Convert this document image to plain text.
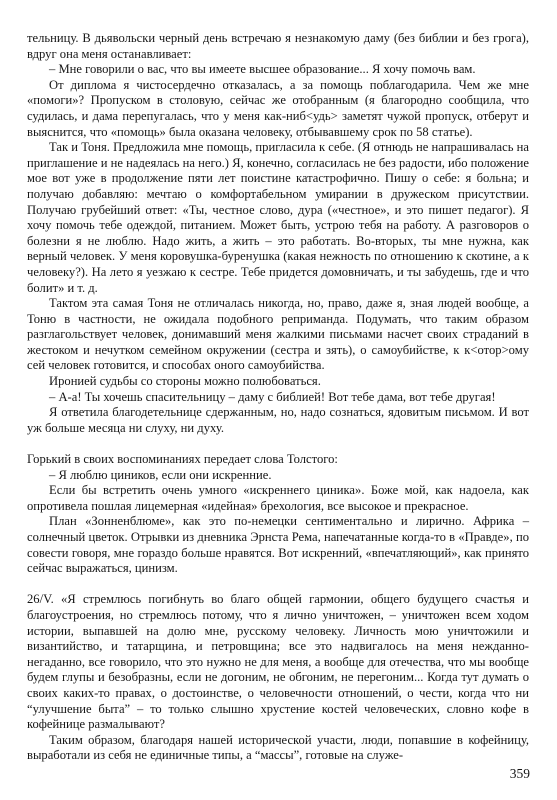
тельницу. В дьявольски черный день встречаю я незнакомую даму (без библии и без грога), вдруг она меня останавливает:

– Мне говорили о вас, что вы имеете высшее образование... Я хочу помочь вам.

От диплома я чистосердечно отказалась, а за помощь поблагодарила. Чем же мне «помоги»? Пропуском в столовую, сейчас же отобранным (я благородно сообщила, что судилась, и дама перепугалась, что у меня как-ниб<удь> заметят чужой пропуск, отберут и выяснится, что «помощь» была оказана человеку, отбывавшему срок по 58 статье).

Так и Тоня. Предложила мне помощь, пригласила к себе. (Я отнюдь не напрашивалась на приглашение и не надеялась на него.) Я, конечно, согласилась не без радости, ибо положение мое вот уже в продолжение пяти лет поистине катастрофично. Пишу о себе: я больна; и получаю добавляю: мечтаю о комфортабельном умирании в дружеском присутствии. Получаю грубейший ответ: «Ты, честное слово, дура («честное», и это пишет педагог). Я хочу помочь тебе одеждой, питанием. Может быть, устрою тебя на работу. А разговоров о болезни я не люблю. Надо жить, а жить – это работать. Во-вторых, ты мне нужна, как верный человек. У меня коровушка-буренушка (какая нежность по отношению к скотине, а к человеку?). На лето я уезжаю к сестре. Тебе придется домовничать, и ты забудешь, где и что болит» и т. д.

Тактом эта самая Тоня не отличалась никогда, но, право, даже я, зная людей вообще, а Тоню в частности, не ожидала подобного реприманда. Подумать, что таким образом разглагольствует человек, донимавший меня жалкими письмами насчет своих страданий в жестоком и нечутком семейном окружении (сестра и зять), о самоубийстве, к к<отор>ому сей человек готовится, и способах оного самоубийства.

Иронией судьбы со стороны можно полюбоваться.

– А-а! Ты хочешь спасительницу – даму с библией! Вот тебе дама, вот тебе другая!

Я ответила благодетельнице сдержанным, но, надо сознаться, ядовитым письмом. И вот уж больше месяца ни слуху, ни духу.

Горький в своих воспоминаниях передает слова Толстого:

– Я люблю циников, если они искренние.

Если бы встретить очень умного «искреннего циника». Боже мой, как надоела, как опротивела пошлая лицемерная «идейная» брехология, все высокое и прекрасное.

План «Зонненблюме», как это по-немецки сентиментально и лирично. Африка – солнечный цветок. Отрывки из дневника Эрнста Рема, напечатанные когда-то в «Правде», по совести говоря, мне гораздо больше нравятся. Вот искренний, «впечатляющий», как принято сейчас выражаться, цинизм.

26/V. «Я стремлюсь погибнуть во благо общей гармонии, общего будущего счастья и благоустроения, но стремлюсь потому, что я лично уничтожен, – уничтожен всем ходом истории, выпавшей на долю мне, русскому человеку. Личность мою уничтожили и византийство, и татарщина, и петровщина; все это надвигалось на меня нежданно-негаданно, все говорило, что это нужно не для меня, а вообще для отечества, что мы вообще будем глупы и безобразны, если не догоним, не обгоним, не перегоним... Когда тут думать о своих каких-то правах, о достоинстве, о человечности отношений, о чести, когда что ни “улучшение быта” – то только слышно хрустение костей человеческих, словно кофе в кофейнице размалывают?

Таким образом, благодаря нашей исторической участи, люди, попавшие в кофейницу, выработали из себя не единичные типы, а “массы”, готовые на служе-

359
